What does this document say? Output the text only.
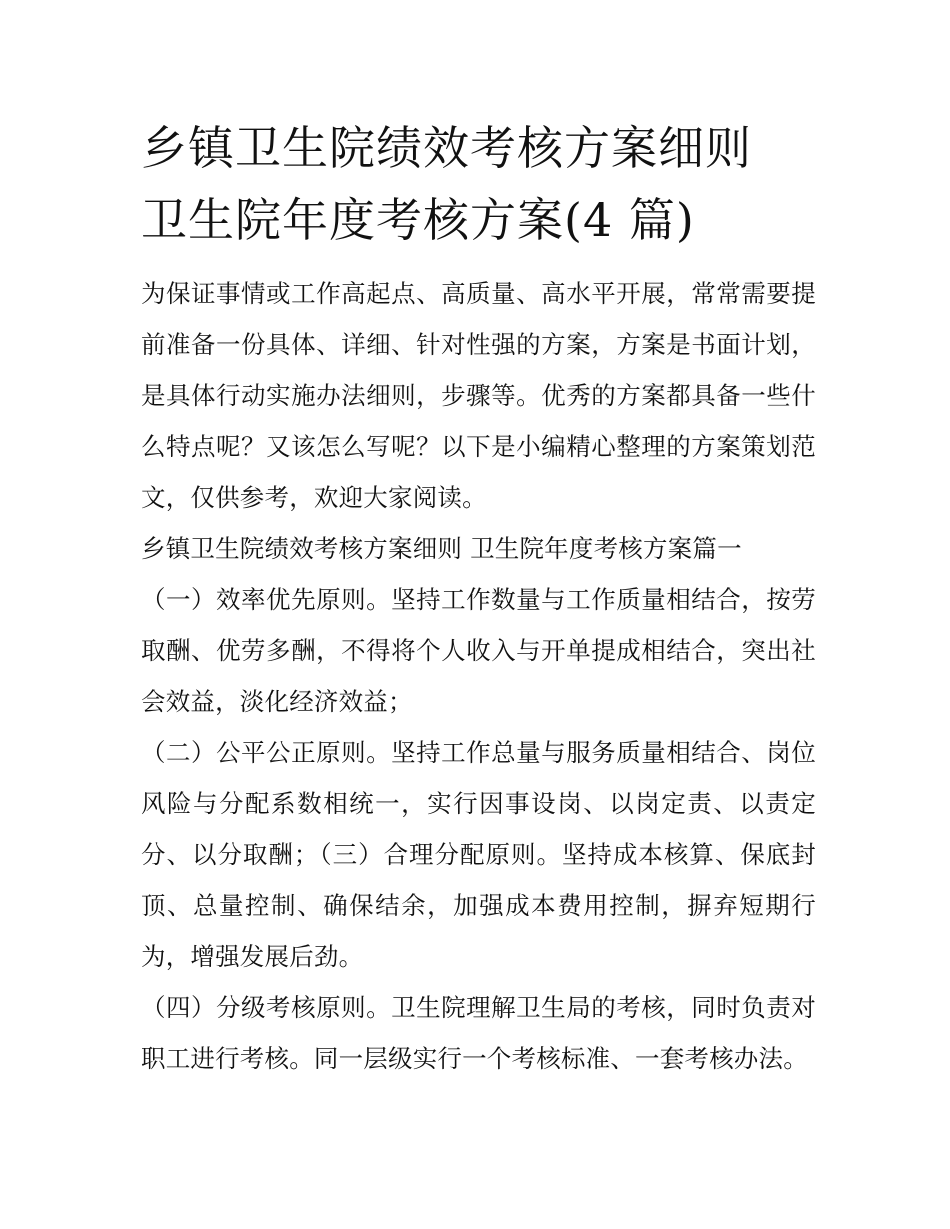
乡镇卫生院绩效考核方案细则
卫生院年度考核方案(4 篇)

为保证事情或工作高起点、高质量、高水平开展，常常需要提前准备一份具体、详细、针对性强的方案，方案是书面计划，是具体行动实施办法细则，步骤等。优秀的方案都具备一些什么特点呢？又该怎么写呢？以下是小编精心整理的方案策划范文，仅供参考，欢迎大家阅读。

乡镇卫生院绩效考核方案细则 卫生院年度考核方案篇一

（一）效率优先原则。坚持工作数量与工作质量相结合，按劳取酬、优劳多酬，不得将个人收入与开单提成相结合，突出社会效益，淡化经济效益；

（二）公平公正原则。坚持工作总量与服务质量相结合、岗位风险与分配系数相统一，实行因事设岗、以岗定责、以责定分、以分取酬；（三）合理分配原则。坚持成本核算、保底封顶、总量控制、确保结余，加强成本费用控制，摒弃短期行为，增强发展后劲。

（四）分级考核原则。卫生院理解卫生局的考核，同时负责对职工进行考核。同一层级实行一个考核标准、一套考核办法。
